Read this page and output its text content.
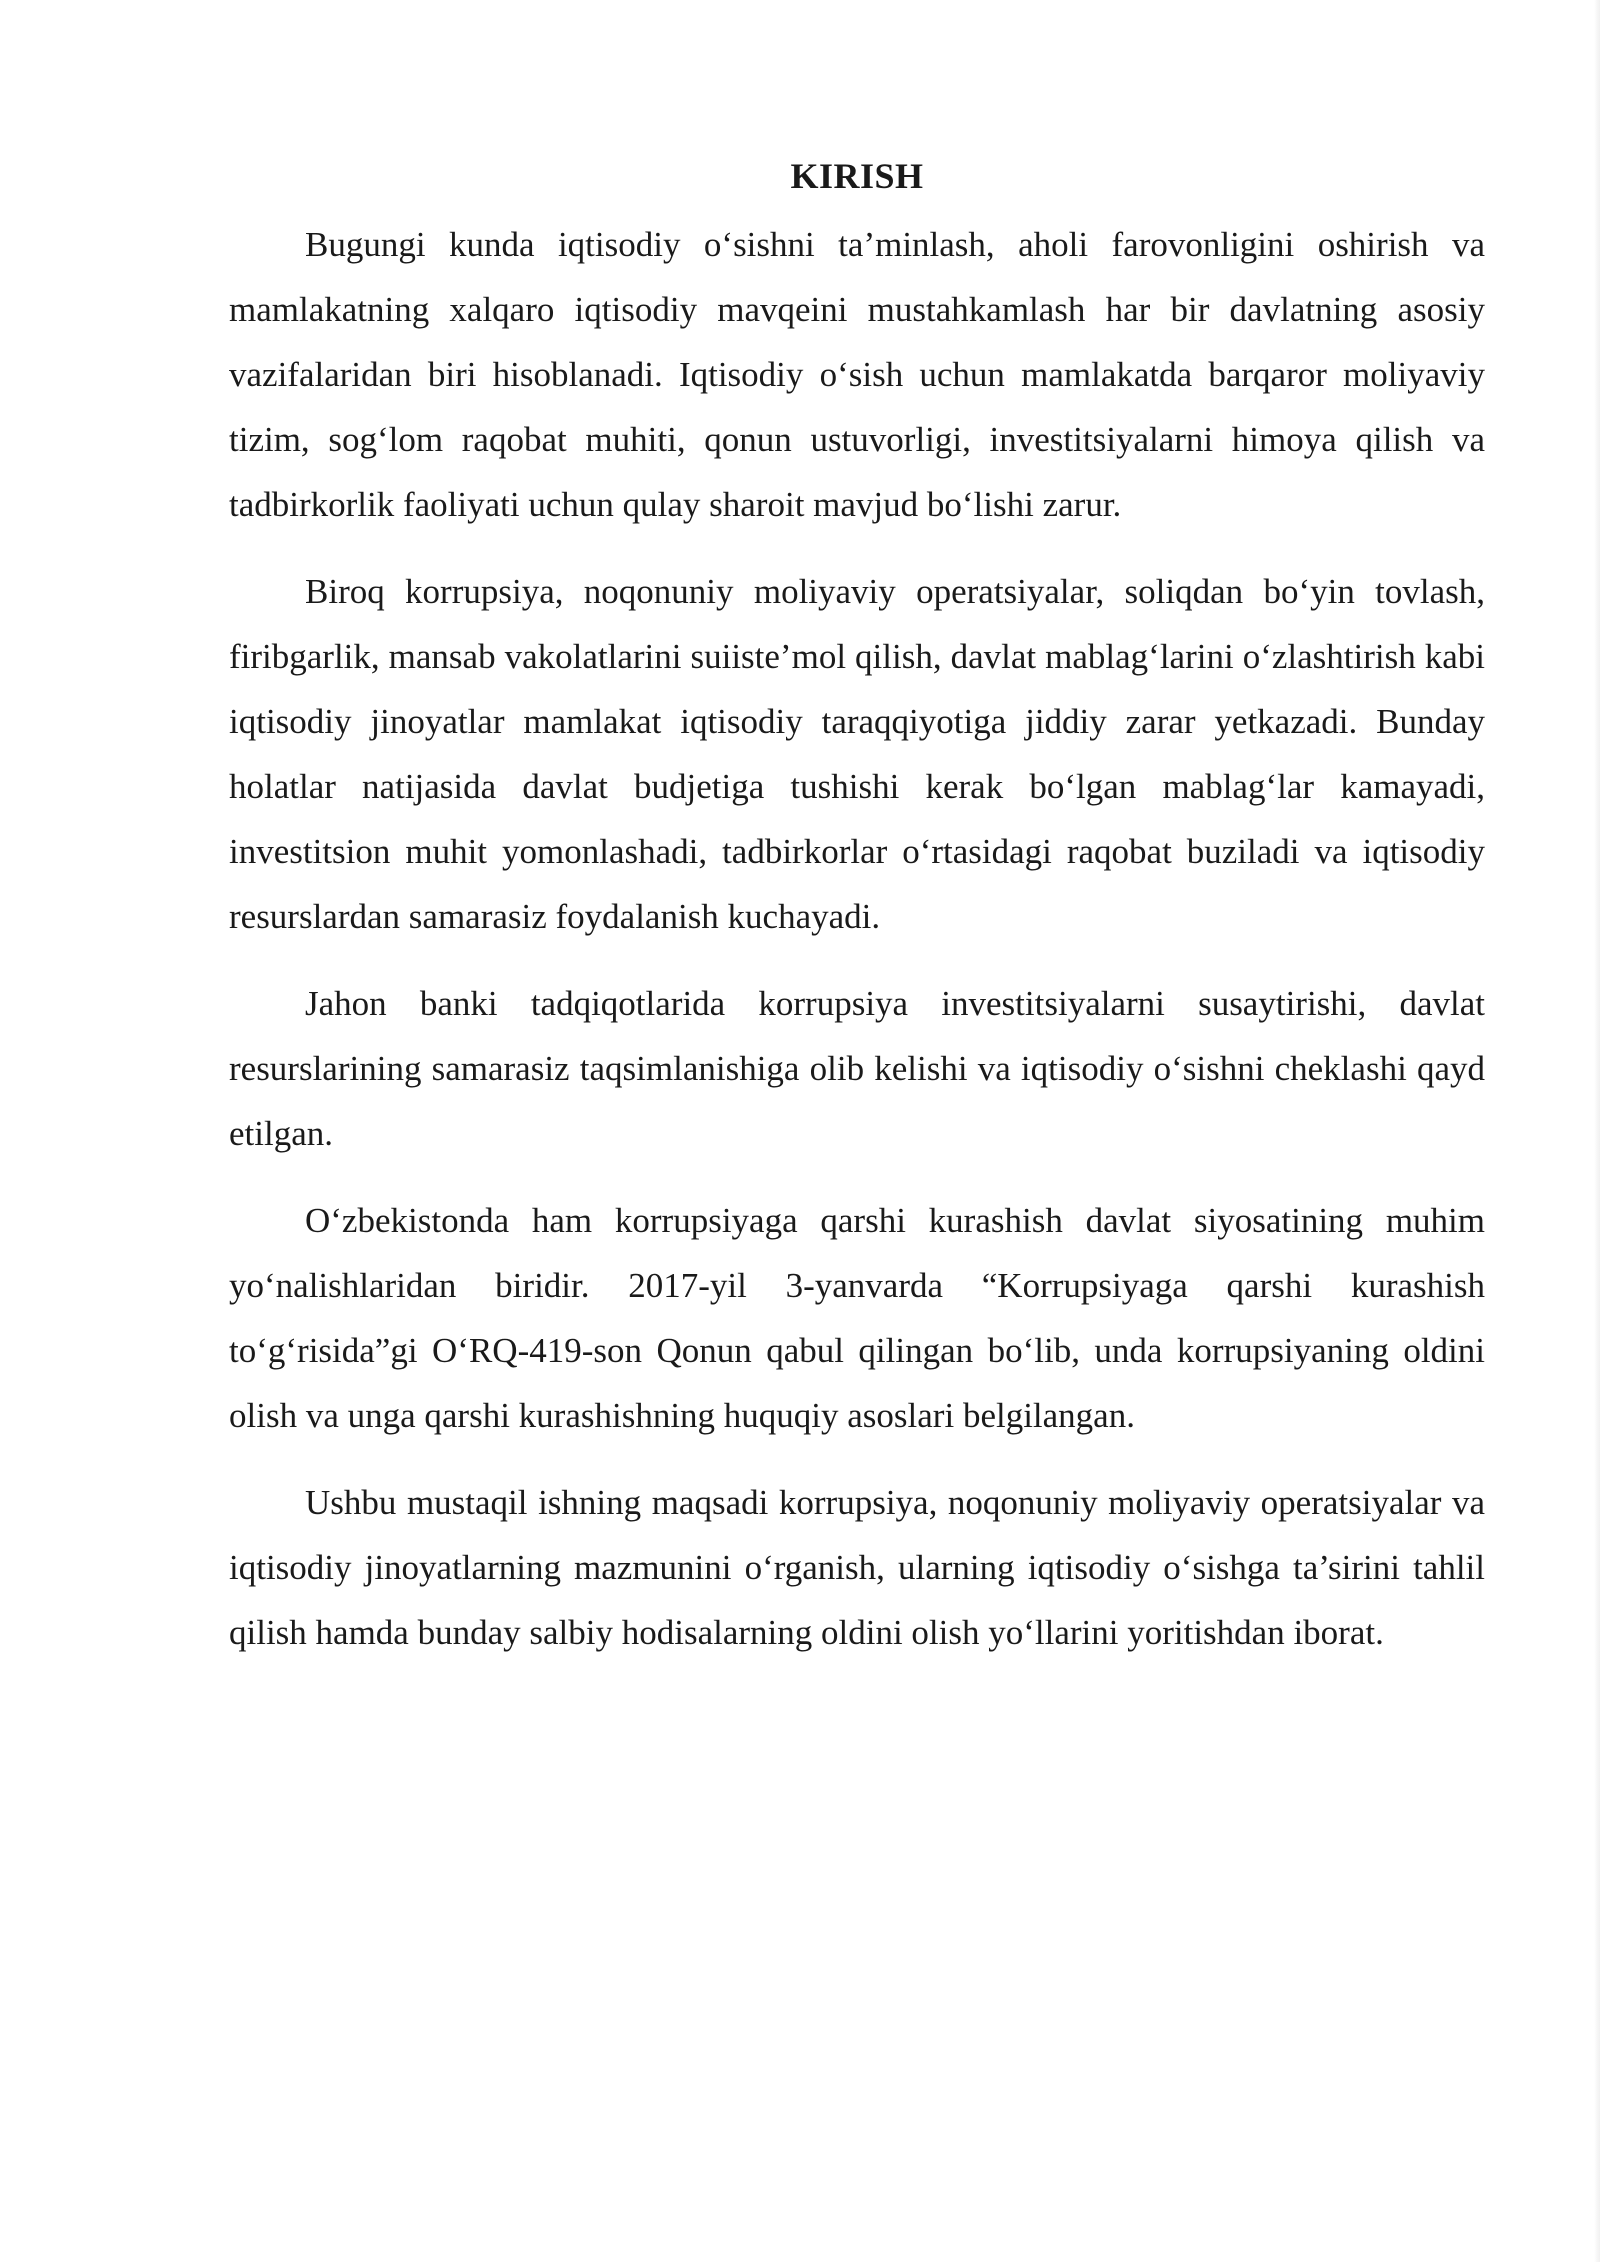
KIRISH

Bugungi kunda iqtisodiy o‘sishni ta’minlash, aholi farovonligini oshirish va mamlakatning xalqaro iqtisodiy mavqeini mustahkamlash har bir davlatning asosiy vazifalaridan biri hisoblanadi. Iqtisodiy o‘sish uchun mamlakatda barqaror moliyaviy tizim, sog‘lom raqobat muhiti, qonun ustuvorligi, investitsiyalarni himoya qilish va tadbirkorlik faoliyati uchun qulay sharoit mavjud bo‘lishi zarur.

Biroq korrupsiya, noqonuniy moliyaviy operatsiyalar, soliqdan bo‘yin tovlash, firibgarlik, mansab vakolatlarini suiiste’mol qilish, davlat mablag‘larini o‘zlashtirish kabi iqtisodiy jinoyatlar mamlakat iqtisodiy taraqqiyotiga jiddiy zarar yetkazadi. Bunday holatlar natijasida davlat budjetiga tushishi kerak bo‘lgan mablag‘lar kamayadi, investitsion muhit yomonlashadi, tadbirkorlar o‘rtasidagi raqobat buziladi va iqtisodiy resurslardan samarasiz foydalanish kuchayadi.

Jahon banki tadqiqotlarida korrupsiya investitsiyalarni susaytirishi, davlat resurslarining samarasiz taqsimlanishiga olib kelishi va iqtisodiy o‘sishni cheklashi qayd etilgan.

O‘zbekistonda ham korrupsiyaga qarshi kurashish davlat siyosatining muhim yo‘nalishlaridan biridir. 2017-yil 3-yanvarda “Korrupsiyaga qarshi kurashish to‘g‘risida”gi O‘RQ-419-son Qonun qabul qilingan bo‘lib, unda korrupsiyaning oldini olish va unga qarshi kurashishning huquqiy asoslari belgilangan.

Ushbu mustaqil ishning maqsadi korrupsiya, noqonuniy moliyaviy operatsiyalar va iqtisodiy jinoyatlarning mazmunini o‘rganish, ularning iqtisodiy o‘sishga ta’sirini tahlil qilish hamda bunday salbiy hodisalarning oldini olish yo‘llarini yoritishdan iborat.
